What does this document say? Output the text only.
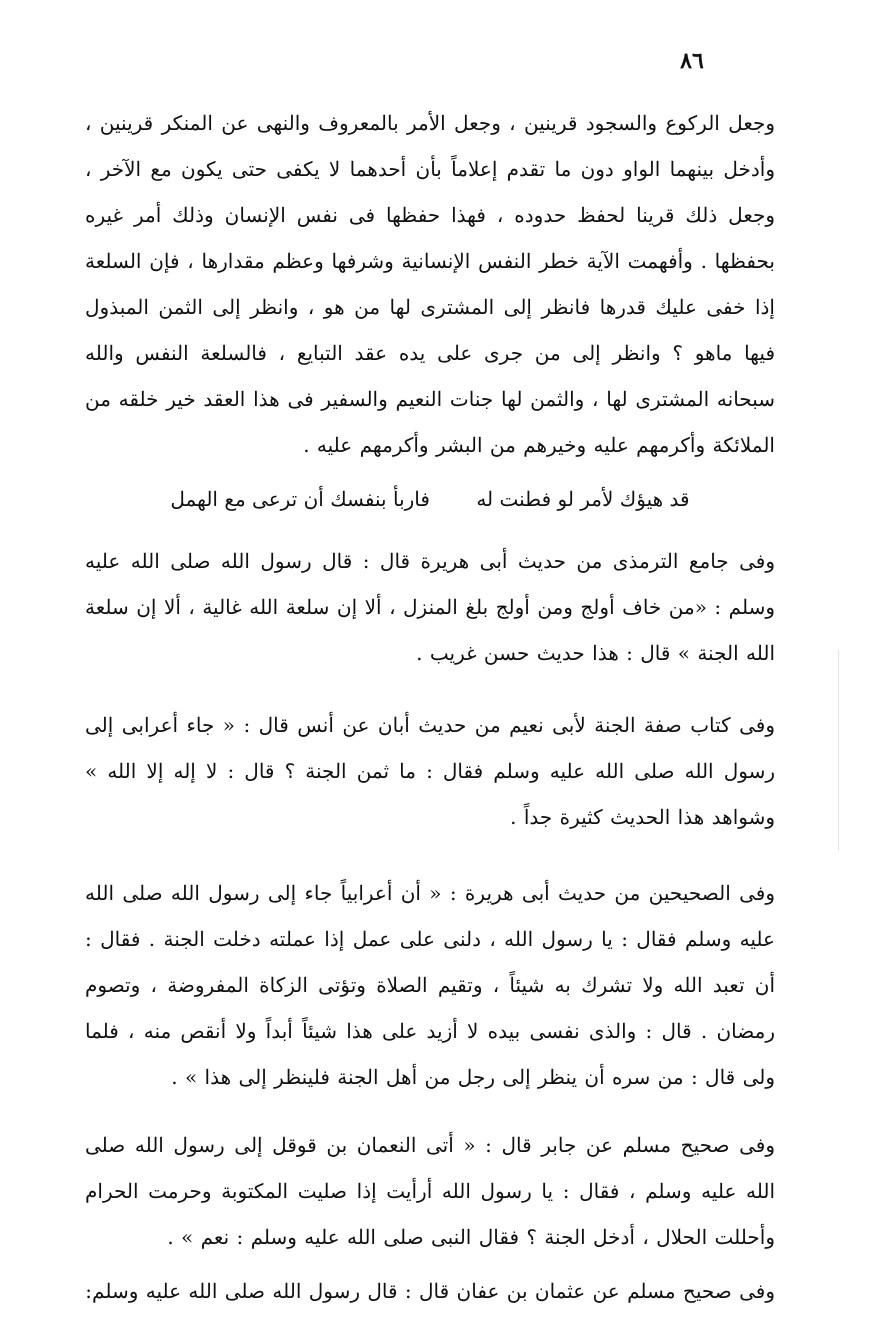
٨٦

وجعل الركوع والسجود قرينين ، وجعل الأمر بالمعروف والنهى عن المنكر قرينين ، وأدخل بينهما الواو دون ما تقدم إعلاماً بأن أحدهما لا يكفى حتى يكون مع الآخر ، وجعل ذلك قرينا لحفظ حدوده ، فهذا حفظها فى نفس الإنسان وذلك أمر غيره بحفظها . وأفهمت الآية خطر النفس الإنسانية وشرفها وعظم مقدارها ، فإن السلعة إذا خفى عليك قدرها فانظر إلى المشترى لها من هو ، وانظر إلى الثمن المبذول فيها ماهو ؟ وانظر إلى من جرى على يده عقد التبايع ، فالسلعة النفس والله سبحانه المشترى لها ، والثمن لها جنات النعيم والسفير فى هذا العقد خير خلقه من الملائكة وأكرمهم عليه وخيرهم من البشر وأكرمهم عليه .

قد هيؤك لأمر لو فطنت له فاربأ بنفسك أن ترعى مع الهمل

وفى جامع الترمذى من حديث أبى هريرة قال : قال رسول الله صلى الله عليه وسلم : «من خاف أولج ومن أولج بلغ المنزل ، ألا إن سلعة الله غالية ، ألا إن سلعة الله الجنة » قال : هذا حديث حسن غريب .

وفى كتاب صفة الجنة لأبى نعيم من حديث أبان عن أنس قال : « جاء أعرابى إلى رسول الله صلى الله عليه وسلم فقال : ما ثمن الجنة ؟ قال : لا إله إلا الله » وشواهد هذا الحديث كثيرة جداً .

وفى الصحيحين من حديث أبى هريرة : « أن أعرابياً جاء إلى رسول الله صلى الله عليه وسلم فقال : يا رسول الله ، دلنى على عمل إذا عملته دخلت الجنة . فقال : أن تعبد الله ولا تشرك به شيئاً ، وتقيم الصلاة وتؤتى الزكاة المفروضة ، وتصوم رمضان . قال : والذى نفسى بيده لا أزيد على هذا شيئاً أبداً ولا أنقص منه ، فلما ولى قال : من سره أن ينظر إلى رجل من أهل الجنة فلينظر إلى هذا » .

وفى صحيح مسلم عن جابر قال : « أتى النعمان بن قوقل إلى رسول الله صلى الله عليه وسلم ، فقال : يا رسول الله أرأيت إذا صليت المكتوبة وحرمت الحرام وأحللت الحلال ، أدخل الجنة ؟ فقال النبى صلى الله عليه وسلم : نعم » .

وفى صحيح مسلم عن عثمان بن عفان قال : قال رسول الله صلى الله عليه وسلم:
